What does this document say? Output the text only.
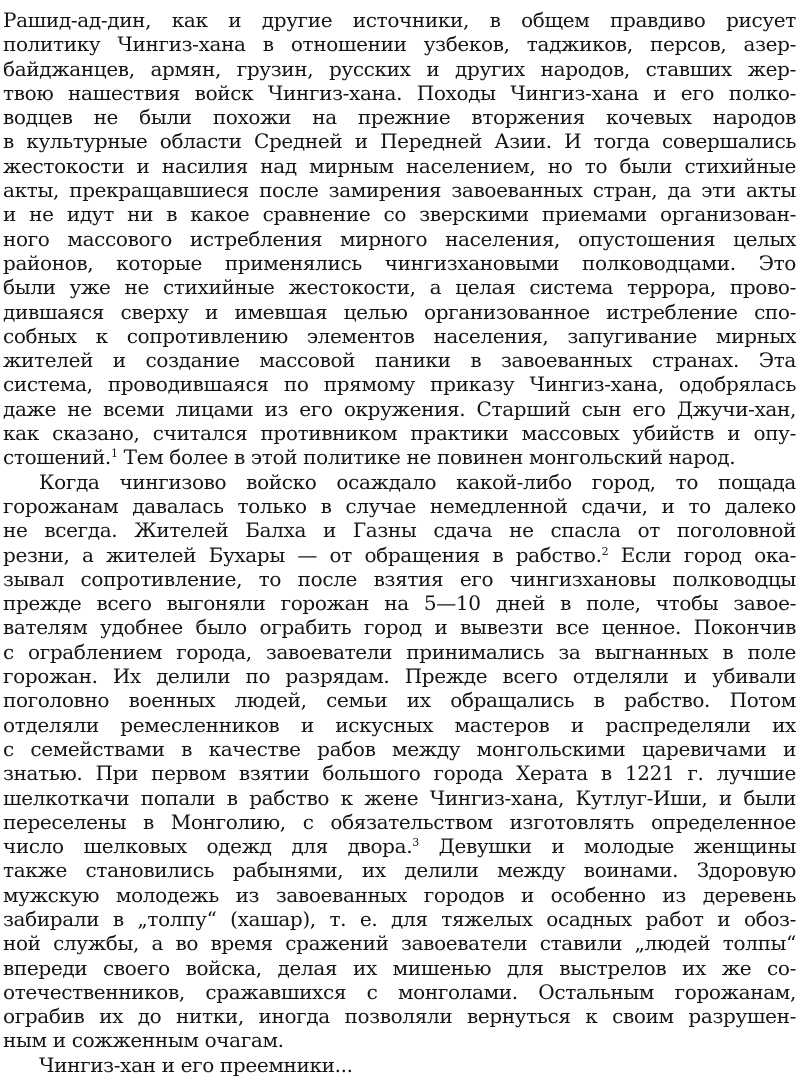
Рашид-ад-дин, как и другие источники, в общем правдиво рисует
политику Чингиз-хана в отношении узбеков, таджиков, персов, азер-
байджанцев, армян, грузин, русских и других народов, ставших жер-
твою нашествия войск Чингиз-хана. Походы Чингиз-хана и его полко-
водцев не были похожи на прежние вторжения кочевых народов
в культурные области Средней и Передней Азии. И тогда совершались
жестокости и насилия над мирным населением, но то были стихийные
акты, прекращавшиеся после замирения завоеванных стран, да эти акты
и не идут ни в какое сравнение со зверскими приемами организован-
ного массового истребления мирного населения, опустошения целых
районов, которые применялись чингизхановыми полководцами. Это
были уже не стихийные жестокости, а целая система террора, прово-
дившаяся сверху и имевшая целью организованное истребление спо-
собных к сопротивлению элементов населения, запугивание мирных
жителей и создание массовой паники в завоеванных странах. Эта
система, проводившаяся по прямому приказу Чингиз-хана, одобрялась
даже не всеми лицами из его окружения. Старший сын его Джучи-хан,
как сказано, считался противником практики массовых убийств и опу-
стошений.$^1$ Тем более в этой политике не повинен монгольский народ.
Когда чингизово войско осаждало какой-либо город, то пощада
горожанам давалась только в случае немедленной сдачи, и то далеко
не всегда. Жителей Балха и Газны сдача не спасла от поголовной
резни, а жителей Бухары — от обращения в рабство.$^2$ Если город ока-
зывал сопротивление, то после взятия его чингизхановы полководцы
прежде всего выгоняли горожан на 5—10 дней в поле, чтобы завое-
вателям удобнее было ограбить город и вывезти все ценное. Покончив
с ограблением города, завоеватели принимались за выгнанных в поле
горожан. Их делили по разрядам. Прежде всего отделяли и убивали
поголовно военных людей, семьи их обращались в рабство. Потом
отделяли ремесленников и искусных мастеров и распределяли их
с семействами в качестве рабов между монгольскими царевичами и
знатью. При первом взятии большого города Херата в 1221 г. лучшие
шелкоткачи попали в рабство к жене Чингиз-хана, Кутлуг-Иши, и были
переселены в Монголию, с обязательством изготовлять определенное
число шелковых одежд для двора.$^3$ Девушки и молодые женщины
также становились рабынями, их делили между воинами. Здоровую
мужскую молодежь из завоеванных городов и особенно из деревень
забирали в „толпу“ (хашар), т. е. для тяжелых осадных работ и обоз-
ной службы, а во время сражений завоеватели ставили „людей толпы“
впереди своего войска, делая их мишенью для выстрелов их же со-
отечественников, сражавшихся с монголами. Остальным горожанам,
ограбив их до нитки, иногда позволяли вернуться к своим разрушен-
ным и сожженным очагам.
Чингиз-хан и его преемники...
